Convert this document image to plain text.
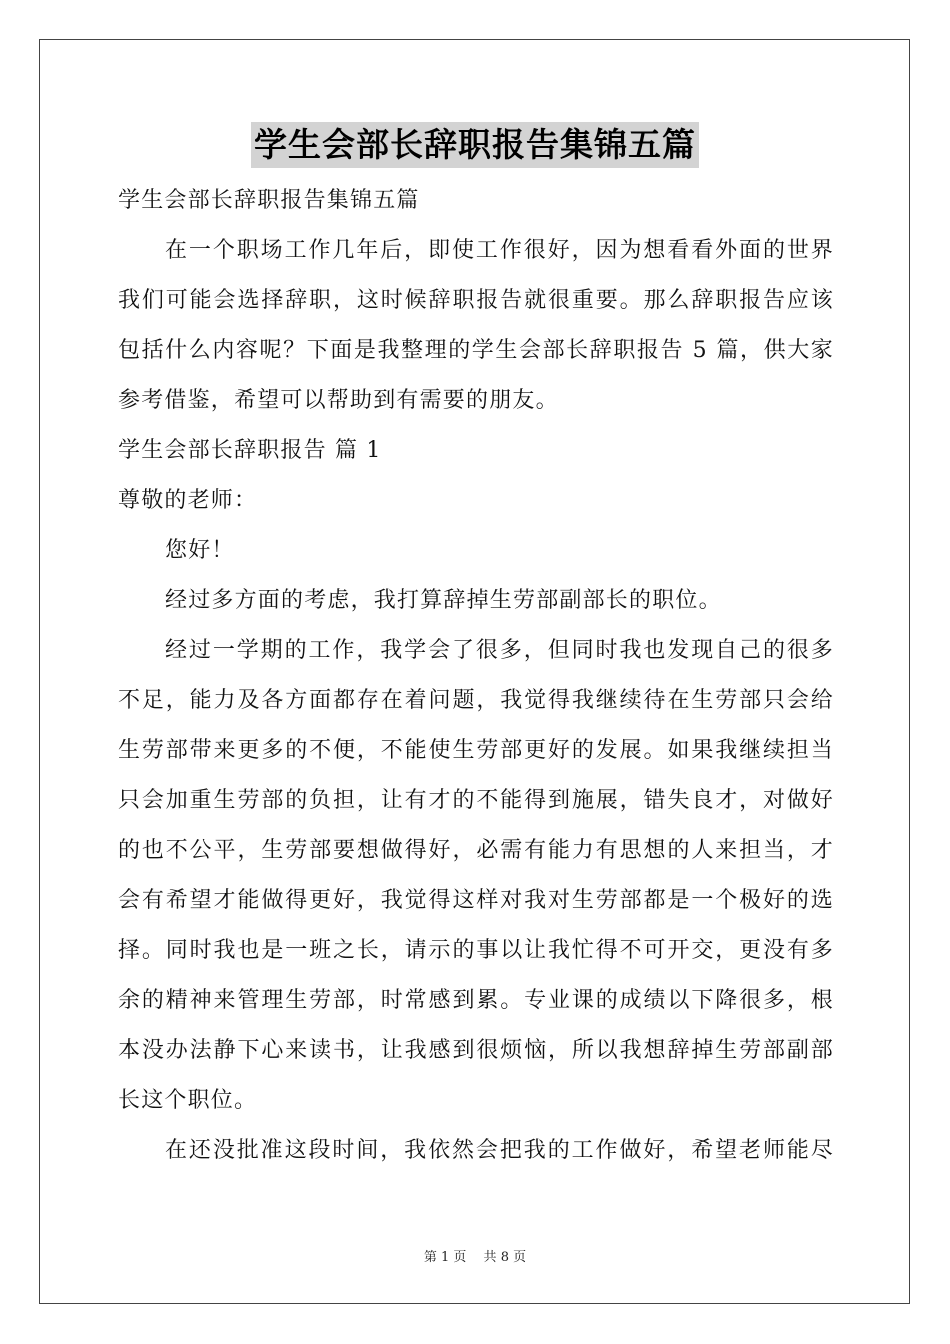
学生会部长辞职报告集锦五篇
学生会部长辞职报告集锦五篇
在一个职场工作几年后，即使工作很好，因为想看看外面的世界
我们可能会选择辞职，这时候辞职报告就很重要。那么辞职报告应该
包括什么内容呢？下面是我整理的学生会部长辞职报告 5 篇，供大家
参考借鉴，希望可以帮助到有需要的朋友。
学生会部长辞职报告 篇 1
尊敬的老师：
您好！
经过多方面的考虑，我打算辞掉生劳部副部长的职位。
经过一学期的工作，我学会了很多，但同时我也发现自己的很多
不足，能力及各方面都存在着问题，我觉得我继续待在生劳部只会给
生劳部带来更多的不便，不能使生劳部更好的发展。如果我继续担当
只会加重生劳部的负担，让有才的不能得到施展，错失良才，对做好
的也不公平，生劳部要想做得好，必需有能力有思想的人来担当，才
会有希望才能做得更好，我觉得这样对我对生劳部都是一个极好的选
择。同时我也是一班之长，请示的事以让我忙得不可开交，更没有多
余的精神来管理生劳部，时常感到累。专业课的成绩以下降很多，根
本没办法静下心来读书，让我感到很烦恼，所以我想辞掉生劳部副部
长这个职位。
在还没批准这段时间，我依然会把我的工作做好，希望老师能尽
第 1 页　 共 8 页
